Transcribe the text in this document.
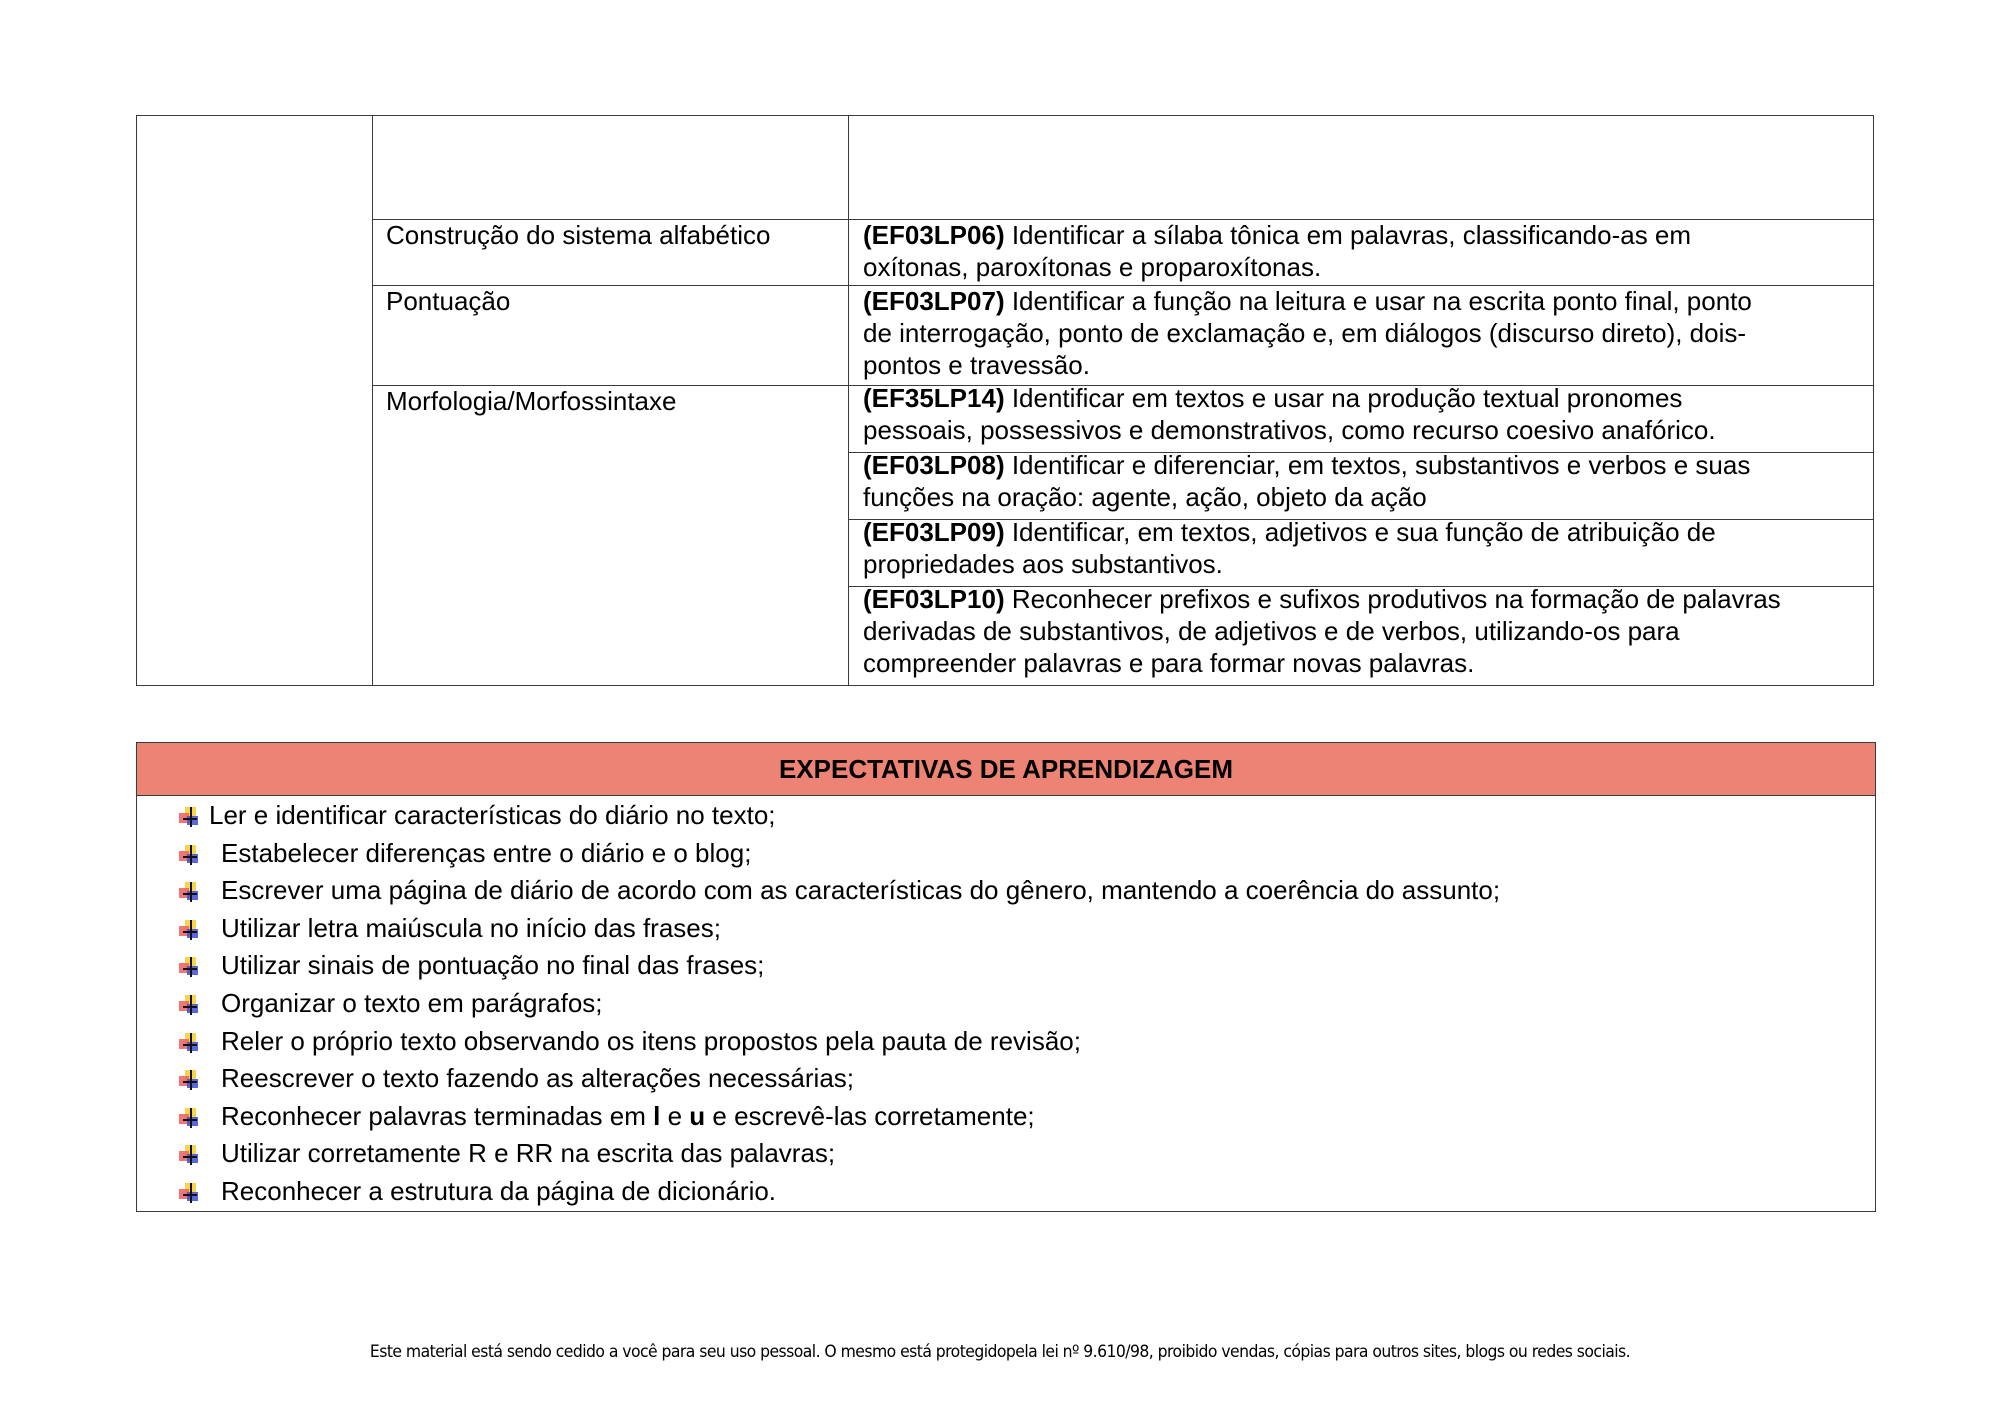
Construção do sistema alfabético
Pontuação
Morfologia/Morfossintaxe
(EF03LP06) Identificar a sílaba tônica em palavras, classificando-as em
oxítonas, paroxítonas e proparoxítonas.
(EF03LP07) Identificar a função na leitura e usar na escrita ponto final, ponto
de interrogação, ponto de exclamação e, em diálogos (discurso direto), dois-
pontos e travessão.
(EF35LP14) Identificar em textos e usar na produção textual pronomes
pessoais, possessivos e demonstrativos, como recurso coesivo anafórico.
(EF03LP08) Identificar e diferenciar, em textos, substantivos e verbos e suas
funções na oração: agente, ação, objeto da ação
(EF03LP09) Identificar, em textos, adjetivos e sua função de atribuição de
propriedades aos substantivos.
(EF03LP10) Reconhecer prefixos e sufixos produtivos na formação de palavras
derivadas de substantivos, de adjetivos e de verbos, utilizando-os para
compreender palavras e para formar novas palavras.
EXPECTATIVAS DE APRENDIZAGEM
Ler e identificar características do diário no texto;
Estabelecer diferenças entre o diário e o blog;
Escrever uma página de diário de acordo com as características do gênero, mantendo a coerência do assunto;
Utilizar letra maiúscula no início das frases;
Utilizar sinais de pontuação no final das frases;
Organizar o texto em parágrafos;
Reler o próprio texto observando os itens propostos pela pauta de revisão;
Reescrever o texto fazendo as alterações necessárias;
Reconhecer palavras terminadas em l e u e escrevê-las corretamente;
Utilizar corretamente R e RR na escrita das palavras;
Reconhecer a estrutura da página de dicionário.
Este material está sendo cedido a você para seu uso pessoal. O mesmo está protegidopela lei nº 9.610/98, proibido vendas, cópias para outros sites, blogs ou redes sociais.
